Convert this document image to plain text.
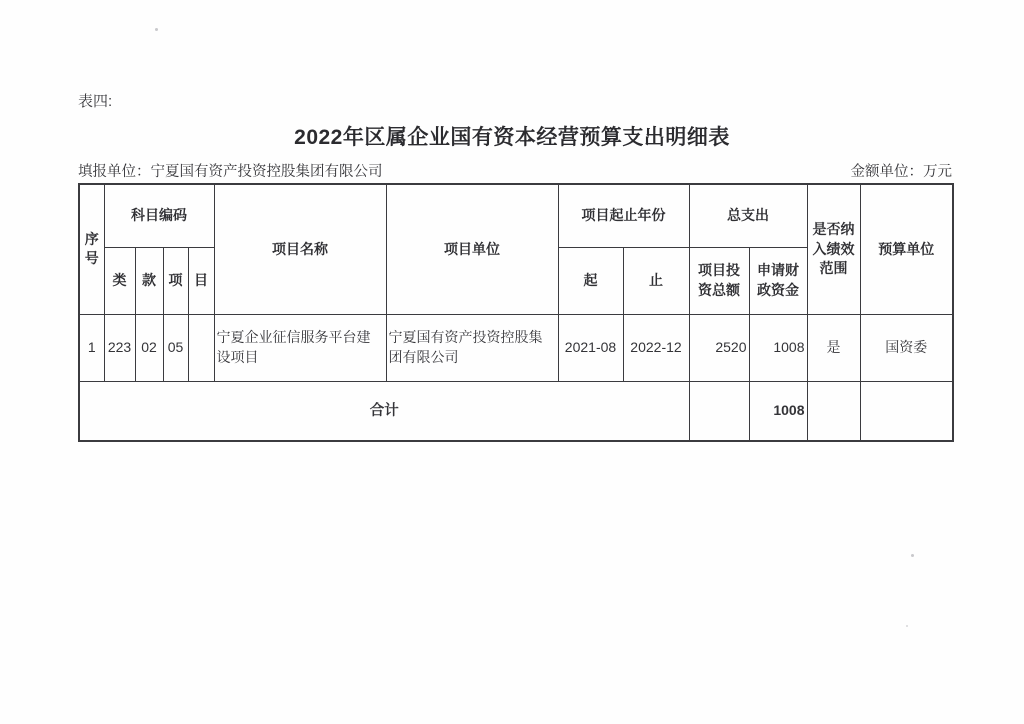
表四:
2022年区属企业国有资本经营预算支出明细表
填报单位：宁夏国有资产投资控股集团有限公司	金额单位：万元
序号	科目编码				项目名称	项目单位	项目起止年份		总支出		是否纳入绩效范围	预算单位
	类	款	项	目			起	止	项目投资总额	申请财政资金		
1	223	02	05		宁夏企业征信服务平台建设项目	宁夏国有资产投资控股集团有限公司	2021-08	2022-12	2520	1008	是	国资委
合计										1008		
